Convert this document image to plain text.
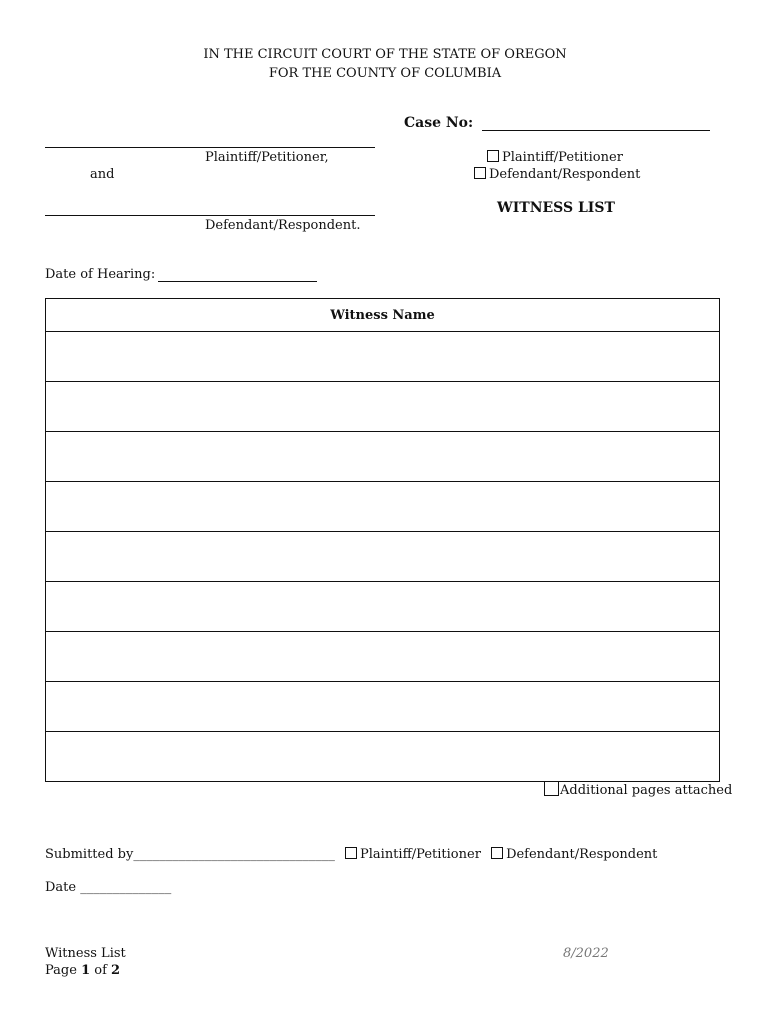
IN THE CIRCUIT COURT OF THE STATE OF OREGON
FOR THE COUNTY OF COLUMBIA
Case No:
Plaintiff/Petitioner,
and
Defendant/Respondent.
Plaintiff/Petitioner
Defendant/Respondent
WITNESS LIST
Date of Hearing:
Witness Name

Additional pages attached
Submitted by_______________________________ Plaintiff/Petitioner Defendant/Respondent
Date ______________
Witness List
Page 1 of 2
8/2022
